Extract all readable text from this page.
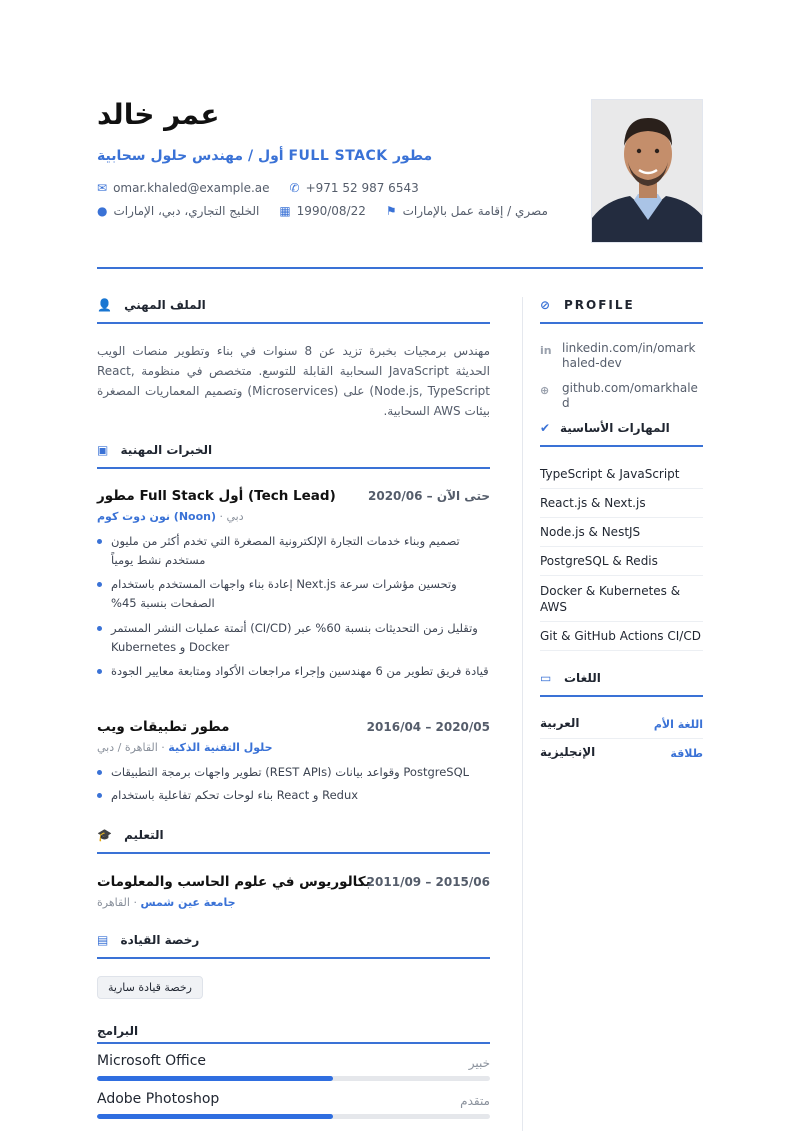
عمر خالد
أول / مهندس حلول سحابية FULL STACK مطور
✉ omar.khaled@example.ae ✆ +971 52 987 6543
● الخليج التجاري، دبي، الإمارات ▦ 1990/08/22 ⚑ مصري / إقامة عمل بالإمارات
👤 الملف المهني
مهندس برمجيات بخبرة تزيد عن 8 سنوات في بناء وتطوير منصات الويب الحديثة JavaScript السحابية القابلة للتوسع. متخصص في منظومة React, Node.js, TypeScript) على (Microservices) وتصميم المعماريات المصغرة بيئات AWS السحابية.
▣ الخبرات المهنية
مطور Full Stack أول (Tech Lead)	حتى الآن – 2020/06
نون دوت كوم (Noon) · دبي
تصميم وبناء خدمات التجارة الإلكترونية المصغرة التي تخدم أكثر من مليون مستخدم نشط يومياً
وتحسين مؤشرات سرعة Next.js إعادة بناء واجهات المستخدم باستخدام الصفحات بنسبة 45%
وتقليل زمن التحديثات بنسبة 60% عبر (CI/CD) أتمتة عمليات النشر المستمر Docker و Kubernetes
قيادة فريق تطوير من 6 مهندسين وإجراء مراجعات الأكواد ومتابعة معايير الجودة
مطور تطبيقات ويب	2016/04 – 2020/05
حلول التقنية الذكية · القاهرة / دبي
PostgreSQL وقواعد بيانات (REST APIs) تطوير واجهات برمجة التطبيقات
Redux و React بناء لوحات تحكم تفاعلية باستخدام
🎓 التعليم
بكالوريوس في علوم الحاسب والمعلومات
2011/09 – 2015/06
جامعة عين شمس · القاهرة
▤ رخصة القيادة
رخصة قيادة سارية
البرامج
Microsoft Office	خبير
Adobe Photoshop	متقدم
⊘ PROFILE
in linkedin.com/in/omarkhaled-dev
⊕	github.com/omarkhaled
✔ المهارات الأساسية
TypeScript & JavaScript
React.js & Next.js
Node.js & NestJS
PostgreSQL & Redis
Docker & Kubernetes & AWS
Git & GitHub Actions CI/CD
▭ اللغات
العربية	اللغة الأم
الإنجليزية	طلاقة
